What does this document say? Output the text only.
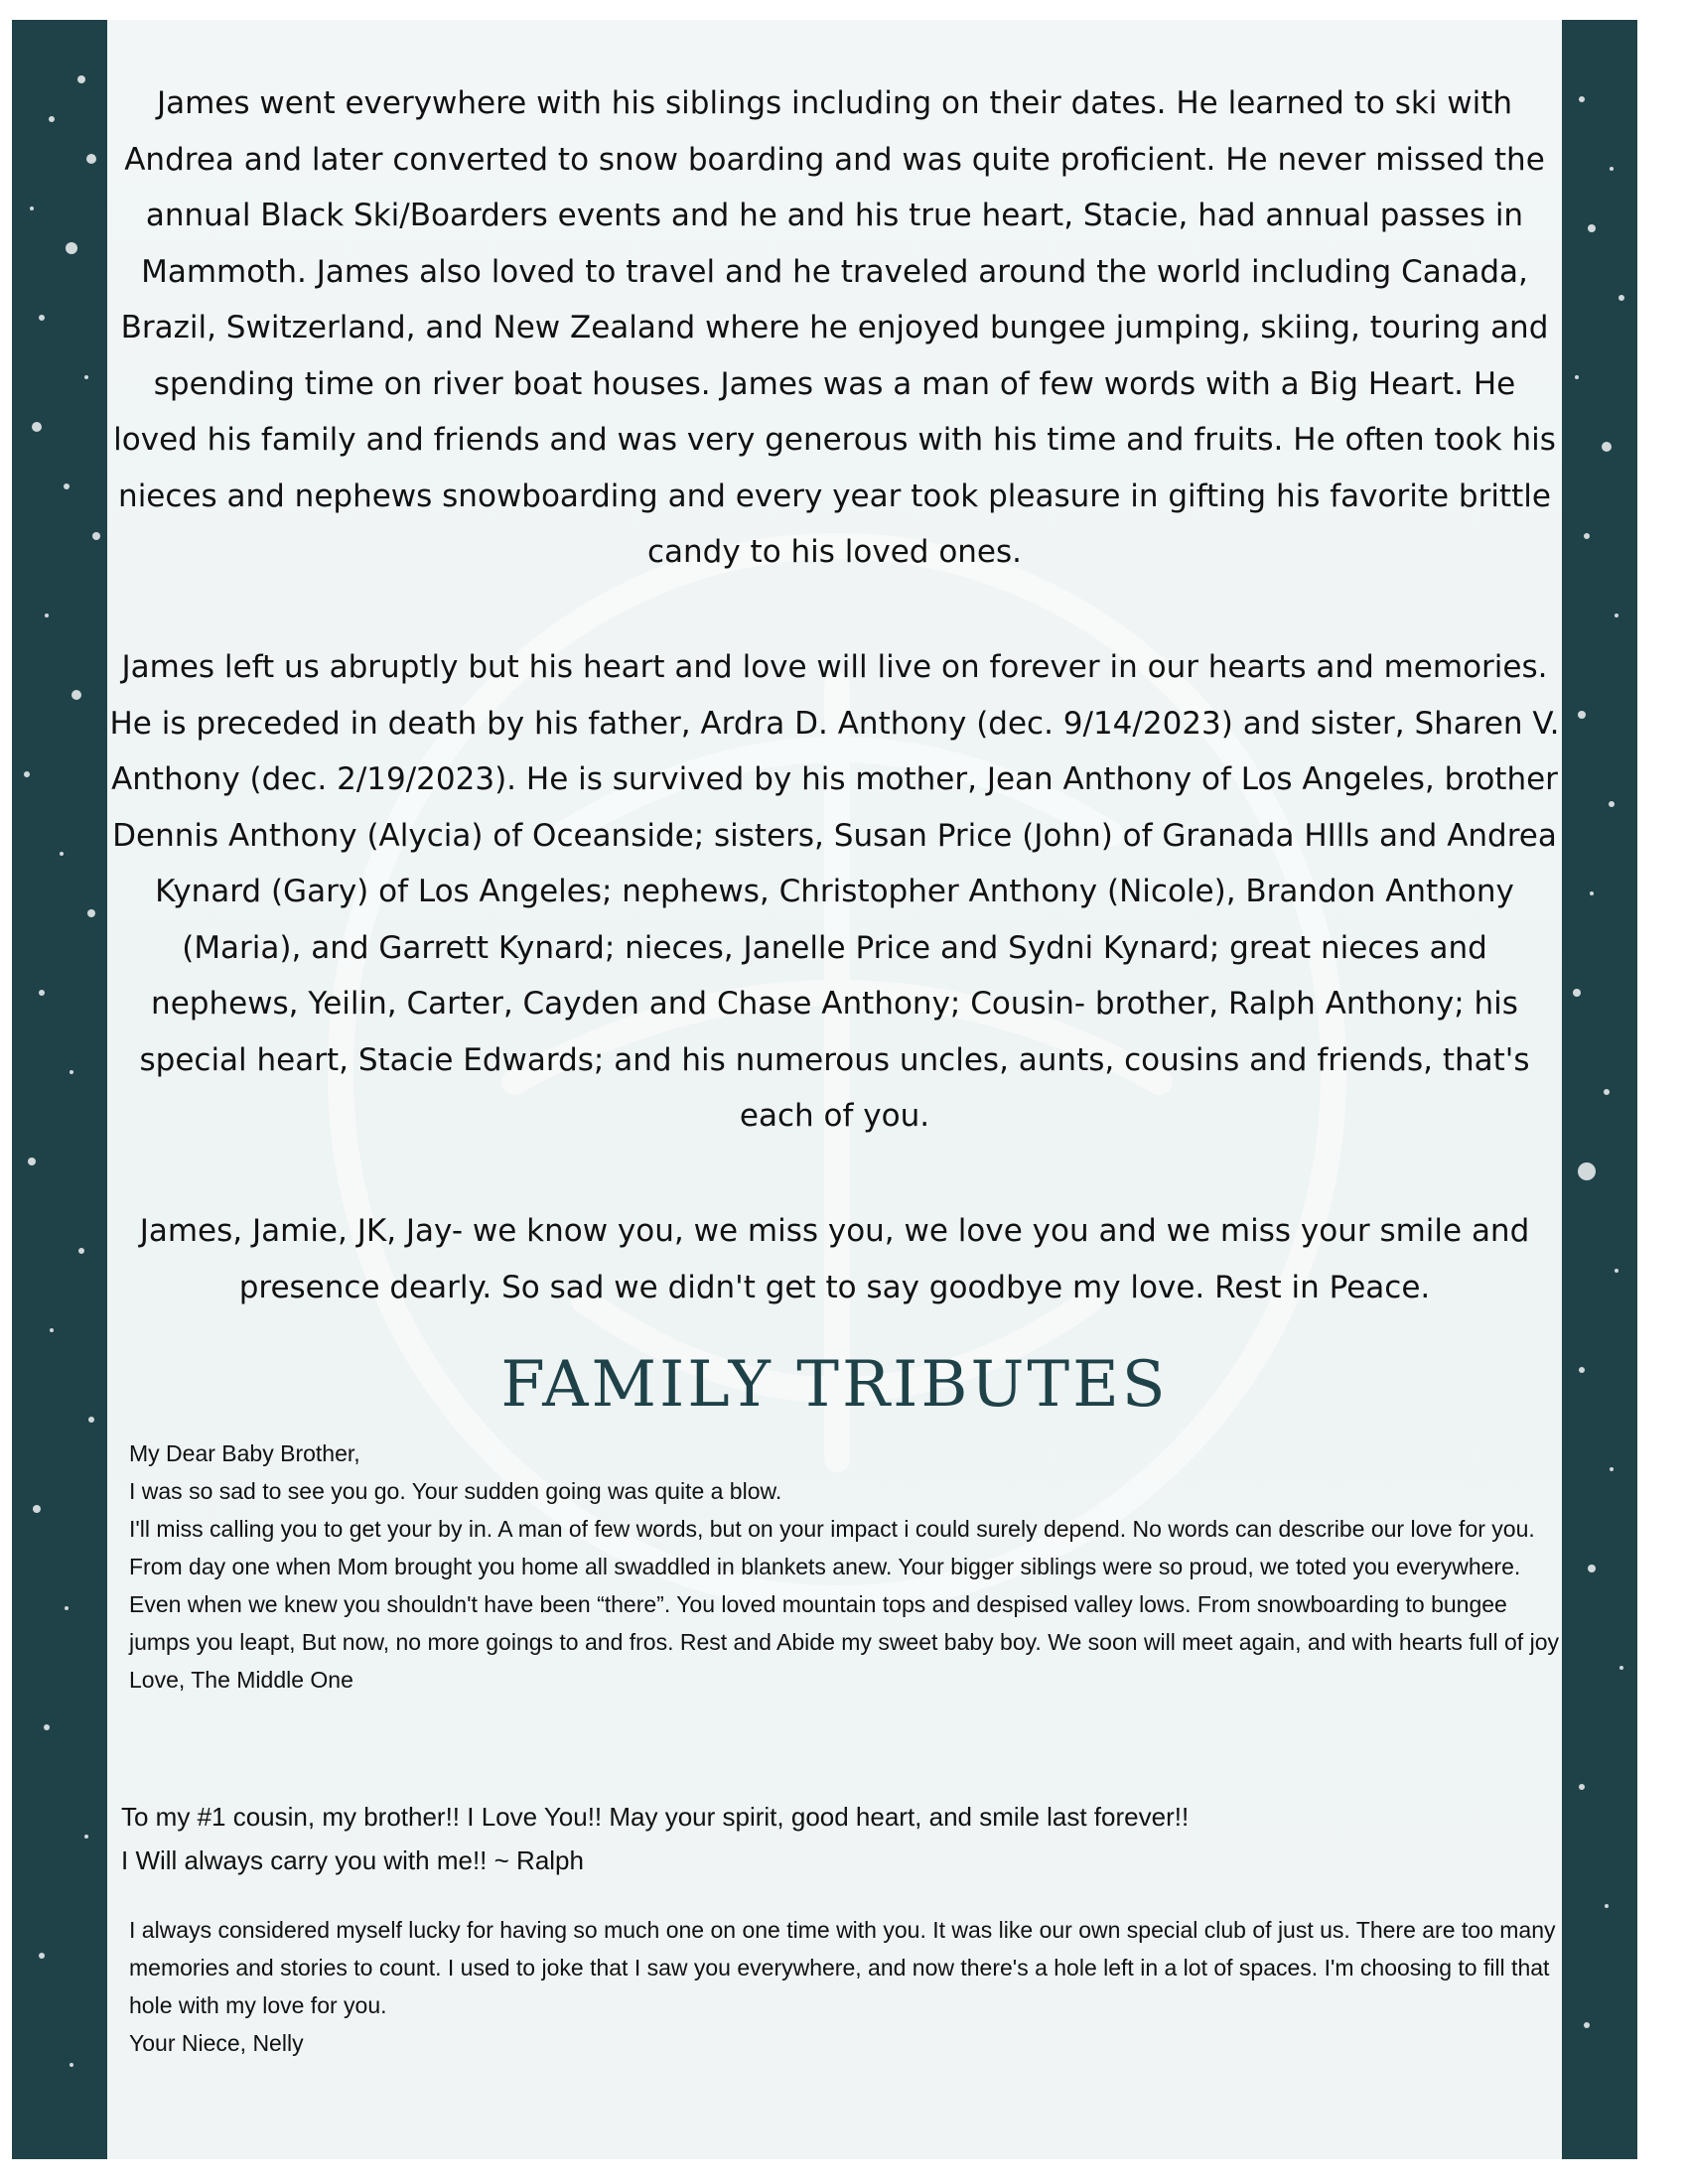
James went everywhere with his siblings including on their dates. He learned to ski with Andrea and later converted to snow boarding and was quite proficient. He never missed the annual Black Ski/Boarders events and he and his true heart, Stacie, had annual passes in Mammoth. James also loved to travel and he traveled around the world including Canada, Brazil, Switzerland, and New Zealand where he enjoyed bungee jumping, skiing, touring and spending time on river boat houses. James was a man of few words with a Big Heart. He loved his family and friends and was very generous with his time and fruits. He often took his nieces and nephews snowboarding and every year took pleasure in gifting his favorite brittle candy to his loved ones.

James left us abruptly but his heart and love will live on forever in our hearts and memories. He is preceded in death by his father, Ardra D. Anthony (dec. 9/14/2023) and sister, Sharen V. Anthony (dec. 2/19/2023). He is survived by his mother, Jean Anthony of Los Angeles, brother Dennis Anthony (Alycia) of Oceanside; sisters, Susan Price (John) of Granada HIlls and Andrea Kynard (Gary) of Los Angeles; nephews, Christopher Anthony (Nicole), Brandon Anthony (Maria), and Garrett Kynard; nieces, Janelle Price and Sydni Kynard; great nieces and nephews, Yeilin, Carter, Cayden and Chase Anthony; Cousin- brother, Ralph Anthony; his special heart, Stacie Edwards; and his numerous uncles, aunts, cousins and friends, that's each of you.

James, Jamie, JK, Jay- we know you, we miss you, we love you and we miss your smile and presence dearly. So sad we didn't get to say goodbye my love. Rest in Peace.

FAMILY TRIBUTES
My Dear Baby Brother,
I was so sad to see you go. Your sudden going was quite a blow.
I'll miss calling you to get your by in. A man of few words, but on your impact i could surely depend. No words can describe our love for you. From day one when Mom brought you home all swaddled in blankets anew. Your bigger siblings were so proud, we toted you everywhere. Even when we knew you shouldn't have been “there”. You loved mountain tops and despised valley lows. From snowboarding to bungee jumps you leapt, But now, no more goings to and fros. Rest and Abide my sweet baby boy. We soon will meet again, and with hearts full of joy
Love, The Middle One
To my #1 cousin, my brother!! I Love You!! May your spirit, good heart, and smile last forever!!
I Will always carry you with me!! ~ Ralph
I always considered myself lucky for having so much one on one time with you. It was like our own special club of just us. There are too many memories and stories to count. I used to joke that I saw you everywhere, and now there's a hole left in a lot of spaces. I'm choosing to fill that hole with my love for you.
Your Niece, Nelly
